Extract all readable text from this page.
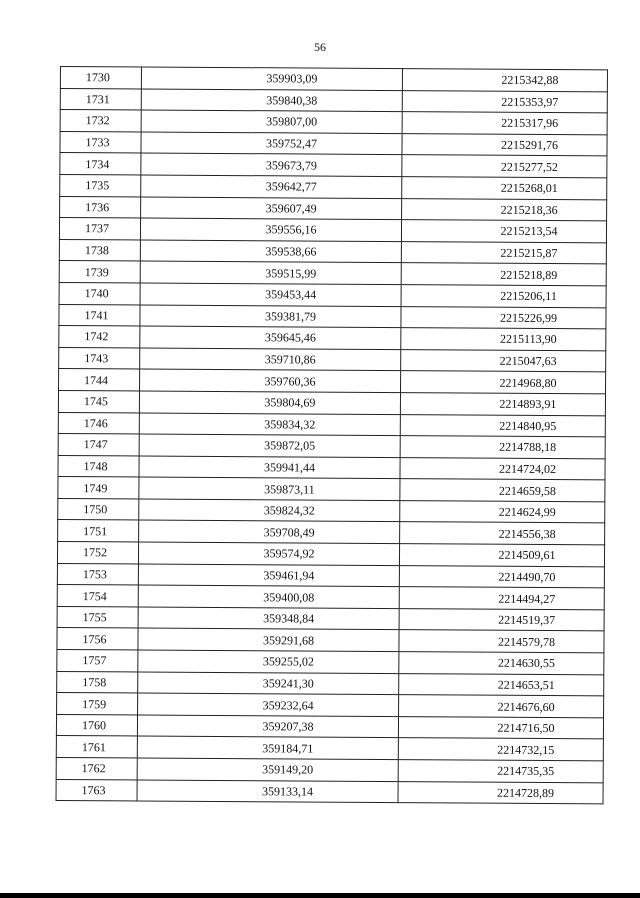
56
1730	359903,09	2215342,88
1731	359840,38	2215353,97
1732	359807,00	2215317,96
1733	359752,47	2215291,76
1734	359673,79	2215277,52
1735	359642,77	2215268,01
1736	359607,49	2215218,36
1737	359556,16	2215213,54
1738	359538,66	2215215,87
1739	359515,99	2215218,89
1740	359453,44	2215206,11
1741	359381,79	2215226,99
1742	359645,46	2215113,90
1743	359710,86	2215047,63
1744	359760,36	2214968,80
1745	359804,69	2214893,91
1746	359834,32	2214840,95
1747	359872,05	2214788,18
1748	359941,44	2214724,02
1749	359873,11	2214659,58
1750	359824,32	2214624,99
1751	359708,49	2214556,38
1752	359574,92	2214509,61
1753	359461,94	2214490,70
1754	359400,08	2214494,27
1755	359348,84	2214519,37
1756	359291,68	2214579,78
1757	359255,02	2214630,55
1758	359241,30	2214653,51
1759	359232,64	2214676,60
1760	359207,38	2214716,50
1761	359184,71	2214732,15
1762	359149,20	2214735,35
1763	359133,14	2214728,89
